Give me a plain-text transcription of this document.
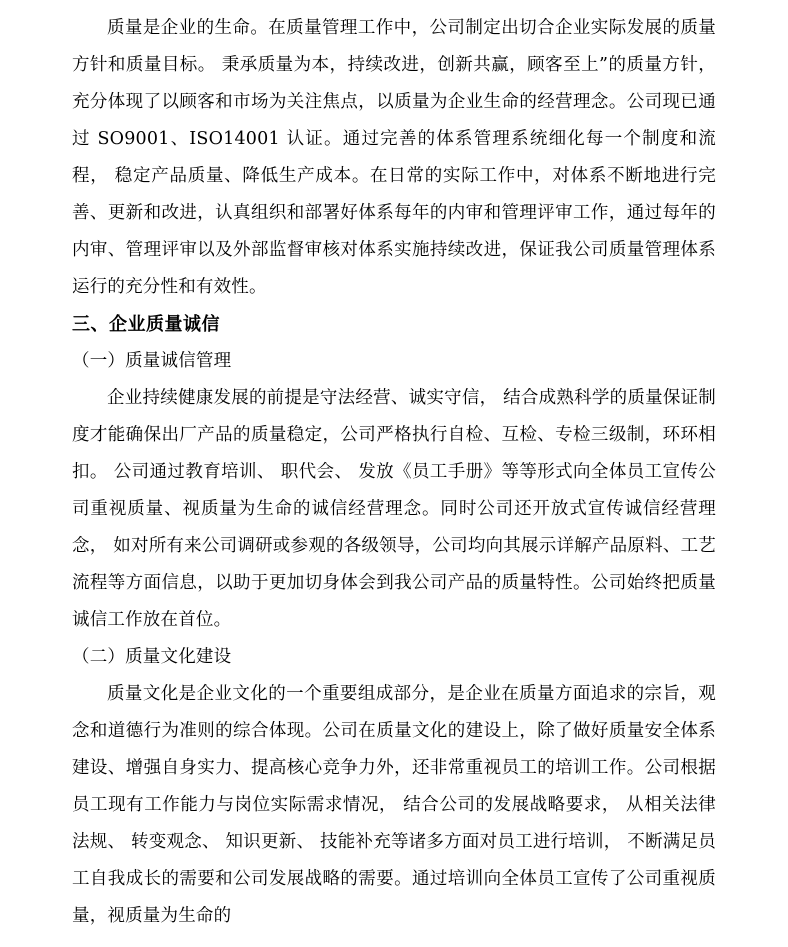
质量是企业的生命。在质量管理工作中，公司制定出切合企业实际发展的质量方针和质量目标。 秉承质量为本，持续改进，创新共赢，顾客至上”的质量方针， 充分体现了以顾客和市场为关注焦点，以质量为企业生命的经营理念。公司现已通过 SO9001、ISO14001 认证。通过完善的体系管理系统细化每一个制度和流程， 稳定产品质量、降低生产成本。在日常的实际工作中，对体系不断地进行完善、更新和改进，认真组织和部署好体系每年的内审和管理评审工作，通过每年的内审、管理评审以及外部监督审核对体系实施持续改进，保证我公司质量管理体系运行的充分性和有效性。

三、企业质量诚信

（一）质量诚信管理

企业持续健康发展的前提是守法经营、诚实守信， 结合成熟科学的质量保证制度才能确保出厂产品的质量稳定，公司严格执行自检、互检、专检三级制，环环相扣。 公司通过教育培训、 职代会、 发放《员工手册》等等形式向全体员工宣传公司重视质量、视质量为生命的诚信经营理念。同时公司还开放式宣传诚信经营理念， 如对所有来公司调研或参观的各级领导，公司均向其展示详解产品原料、工艺流程等方面信息，以助于更加切身体会到我公司产品的质量特性。公司始终把质量诚信工作放在首位。

（二）质量文化建设

质量文化是企业文化的一个重要组成部分，是企业在质量方面追求的宗旨，观念和道德行为准则的综合体现。公司在质量文化的建设上，除了做好质量安全体系建设、增强自身实力、提高核心竞争力外，还非常重视员工的培训工作。公司根据员工现有工作能力与岗位实际需求情况， 结合公司的发展战略要求， 从相关法律法规、 转变观念、 知识更新、 技能补充等诸多方面对员工进行培训， 不断满足员工自我成长的需要和公司发展战略的需要。通过培训向全体员工宣传了公司重视质量，视质量为生命的
